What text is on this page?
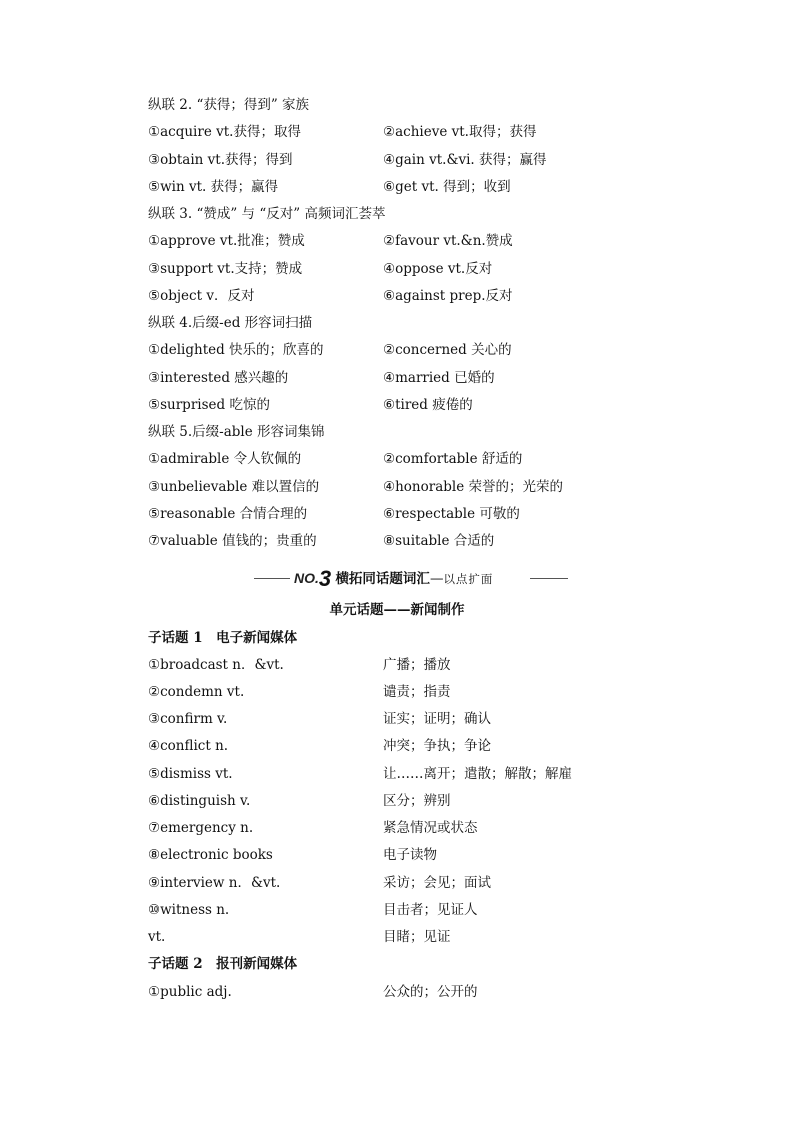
纵联 2. “获得；得到” 家族
①acquire vt.获得；取得	②achieve vt.取得；获得
③obtain vt.获得；得到	④gain vt.&vi. 获得；赢得
⑤win vt. 获得；赢得	⑥get vt. 得到；收到
纵联 3. “赞成” 与 “反对” 高频词汇荟萃
①approve vt.批准；赞成	②favour vt.&n.赞成
③support vt.支持；赞成	④oppose vt.反对
⑤object v．反对	⑥against prep.反对
纵联 4.后缀-ed 形容词扫描
①delighted 快乐的；欣喜的	②concerned 关心的
③interested 感兴趣的	④married 已婚的
⑤surprised 吃惊的	⑥tired 疲倦的
纵联 5.后缀-able 形容词集锦
①admirable 令人钦佩的	②comfortable 舒适的
③unbelievable 难以置信的	④honorable 荣誉的；光荣的
⑤reasonable 合情合理的	⑥respectable 可敬的
⑦valuable 值钱的；贵重的	⑧suitable 合适的
NO.3 横拓同话题词汇—以点扩面
单元话题——新闻制作
子话题 1　电子新闻媒体
①broadcast n．&vt.	广播；播放
②condemn vt.	谴责；指责
③confirm v.	证实；证明；确认
④conflict n.	冲突；争执；争论
⑤dismiss vt.	让……离开；遣散；解散；解雇
⑥distinguish v.	区分；辨别
⑦emergency n.	紧急情况或状态
⑧electronic books	电子读物
⑨interview n．&vt.	采访；会见；面试
⑩witness n.	目击者；见证人
vt.	目睹；见证
子话题 2　报刊新闻媒体
①public adj.	公众的；公开的
